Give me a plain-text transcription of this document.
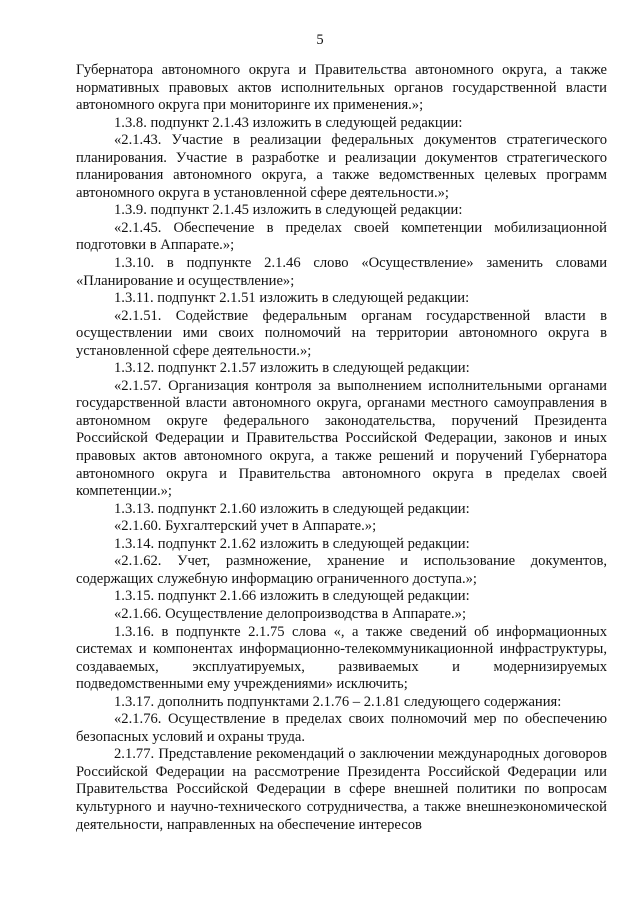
5

Губернатора автономного округа и Правительства автономного округа, а также нормативных правовых актов исполнительных органов государственной власти автономного округа при мониторинге их применения.»;

1.3.8. подпункт 2.1.43 изложить в следующей редакции:

«2.1.43. Участие в реализации федеральных документов стратегического планирования. Участие в разработке и реализации документов стратегического планирования автономного округа, а также ведомственных целевых программ автономного округа в установленной сфере деятельности.»;

1.3.9. подпункт 2.1.45 изложить в следующей редакции:

«2.1.45. Обеспечение в пределах своей компетенции мобилизационной подготовки в Аппарате.»;

1.3.10. в подпункте 2.1.46 слово «Осуществление» заменить словами «Планирование и осуществление»;

1.3.11. подпункт 2.1.51 изложить в следующей редакции:

«2.1.51. Содействие федеральным органам государственной власти в осуществлении ими своих полномочий на территории автономного округа в установленной сфере деятельности.»;

1.3.12. подпункт 2.1.57 изложить в следующей редакции:

«2.1.57. Организация контроля за выполнением исполнительными органами государственной власти автономного округа, органами местного самоуправления в автономном округе федерального законодательства, поручений Президента Российской Федерации и Правительства Российской Федерации, законов и иных правовых актов автономного округа, а также решений и поручений Губернатора автономного округа и Правительства автономного округа в пределах своей компетенции.»;

1.3.13. подпункт 2.1.60 изложить в следующей редакции:

«2.1.60. Бухгалтерский учет в Аппарате.»;

1.3.14. подпункт 2.1.62 изложить в следующей редакции:

«2.1.62. Учет, размножение, хранение и использование документов, содержащих служебную информацию ограниченного доступа.»;

1.3.15. подпункт 2.1.66 изложить в следующей редакции:

«2.1.66. Осуществление делопроизводства в Аппарате.»;

1.3.16. в подпункте 2.1.75 слова «, а также сведений об информационных системах и компонентах информационно-телекоммуникационной инфраструктуры, создаваемых, эксплуатируемых, развиваемых и модернизируемых подведомственными ему учреждениями» исключить;

1.3.17. дополнить подпунктами 2.1.76 – 2.1.81 следующего содержания:

«2.1.76. Осуществление в пределах своих полномочий мер по обеспечению безопасных условий и охраны труда.

2.1.77. Представление рекомендаций о заключении международных договоров Российской Федерации на рассмотрение Президента Российской Федерации или Правительства Российской Федерации в сфере внешней политики по вопросам культурного и научно-технического сотрудничества, а также внешнеэкономической деятельности, направленных на обеспечение интересов
